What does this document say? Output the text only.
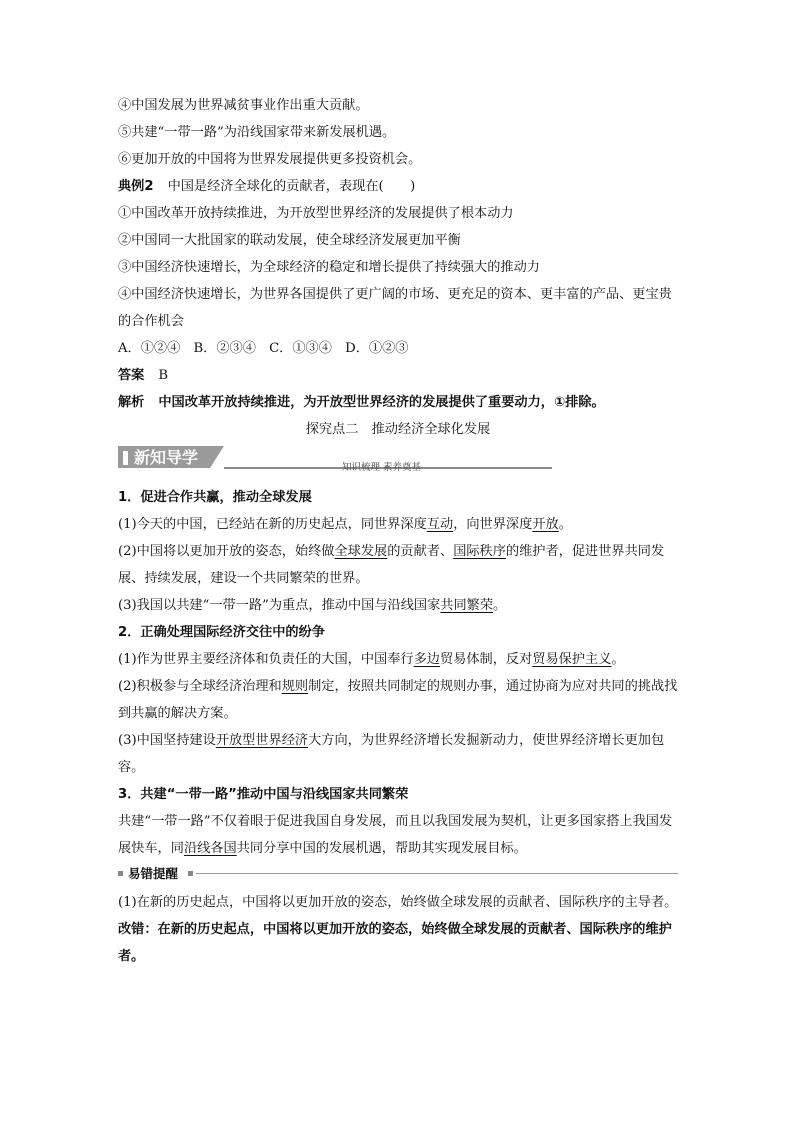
④中国发展为世界减贫事业作出重大贡献。
⑤共建“一带一路”为沿线国家带来新发展机遇。
⑥更加开放的中国将为世界发展提供更多投资机会。
典例2 中国是经济全球化的贡献者，表现在(　　)
①中国改革开放持续推进，为开放型世界经济的发展提供了根本动力
②中国同一大批国家的联动发展，使全球经济发展更加平衡
③中国经济快速增长，为全球经济的稳定和增长提供了持续强大的推动力
④中国经济快速增长，为世界各国提供了更广阔的市场、更充足的资本、更丰富的产品、更宝贵的合作机会
A．①②④　B．②③④　C．①③④　D．①②③
答案 B
解析 中国改革开放持续推进，为开放型世界经济的发展提供了重要动力，①排除。
探究点二　推动经济全球化发展
新知导学
知识梳理 素养奠基
1．促进合作共赢，推动全球发展
(1)今天的中国，已经站在新的历史起点，同世界深度互动，向世界深度开放。
(2)中国将以更加开放的姿态，始终做全球发展的贡献者、国际秩序的维护者，促进世界共同发展、持续发展，建设一个共同繁荣的世界。
(3)我国以共建“一带一路”为重点，推动中国与沿线国家共同繁荣。
2．正确处理国际经济交往中的纷争
(1)作为世界主要经济体和负责任的大国，中国奉行多边贸易体制，反对贸易保护主义。
(2)积极参与全球经济治理和规则制定，按照共同制定的规则办事，通过协商为应对共同的挑战找到共赢的解决方案。
(3)中国坚持建设开放型世界经济大方向，为世界经济增长发掘新动力，使世界经济增长更加包容。
3．共建“一带一路”推动中国与沿线国家共同繁荣
共建“一带一路”不仅着眼于促进我国自身发展，而且以我国发展为契机，让更多国家搭上我国发展快车，同沿线各国共同分享中国的发展机遇，帮助其实现发展目标。
易错提醒
(1)在新的历史起点，中国将以更加开放的姿态，始终做全球发展的贡献者、国际秩序的主导者。
改错：在新的历史起点，中国将以更加开放的姿态，始终做全球发展的贡献者、国际秩序的维护者。
